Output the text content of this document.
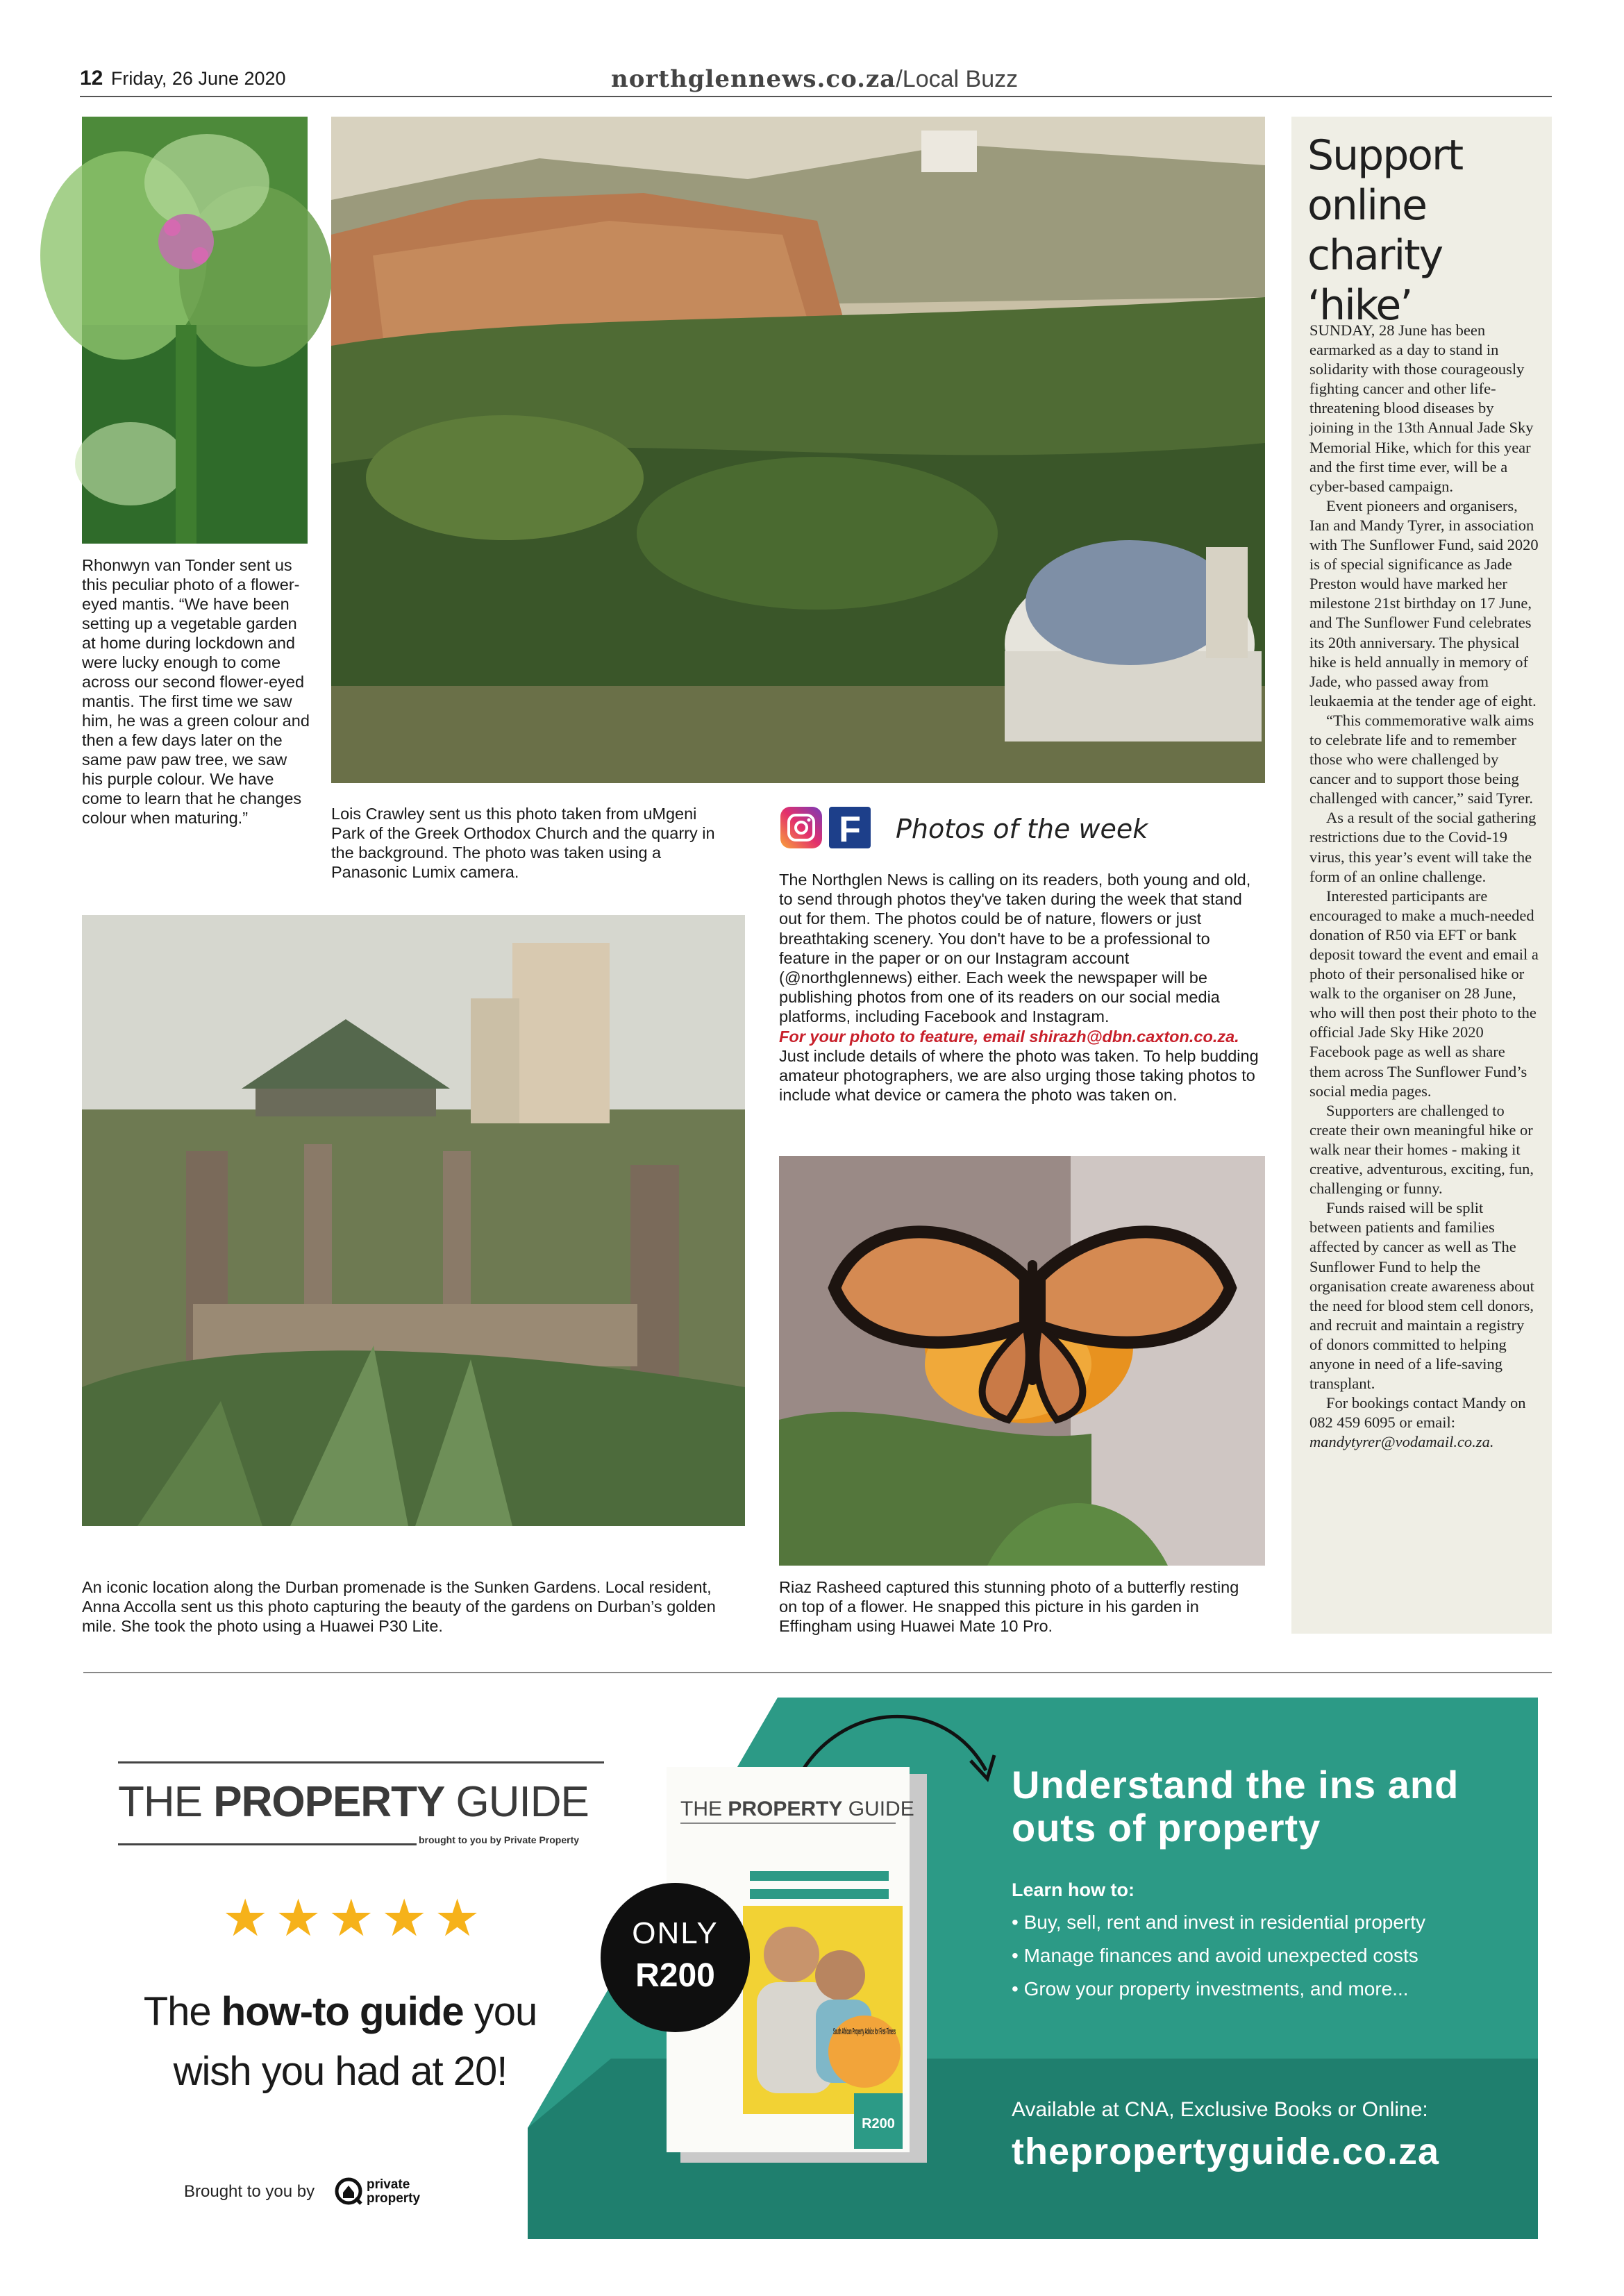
12 Friday, 26 June 2020	northglennews.co.za/Local Buzz
Rhonwyn van Tonder sent us this peculiar photo of a flower-eyed mantis. “We have been setting up a vegetable garden at home during lockdown and were lucky enough to come across our second flower-eyed mantis. The first time we saw him, he was a green colour and then a few days later on the same paw paw tree, we saw his purple colour. We have come to learn that he changes colour when maturing.”	Lois Crawley sent us this photo taken from uMgeni Park of the Greek Orthodox Church and the quarry in the background. The photo was taken using a Panasonic Lumix camera.
F Photos of the week

The Northglen News is calling on its readers, both young and old, to send through photos they've taken during the week that stand out for them. The photos could be of nature, flowers or just breathtaking scenery. You don't have to be a professional to feature in the paper or on our Instagram account (@northglennews) either. Each week the newspaper will be publishing photos from one of its readers on our social media platforms, including Facebook and Instagram.

For your photo to feature, email shirazh@dbn.caxton.co.za. Just include details of where the photo was taken. To help budding amateur photographers, we are also urging those taking photos to include what device or camera the photo was taken on.

An iconic location along the Durban promenade is the Sunken Gardens. Local resident, Anna Accolla sent us this photo capturing the beauty of the gardens on Durban’s golden mile. She took the photo using a Huawei P30 Lite.
Riaz Rasheed captured this stunning photo of a butterfly resting on top of a flower. He snapped this picture in his garden in Effingham using Huawei Mate 10 Pro.
Support online charity ‘hike’

SUNDAY, 28 June has been earmarked as a day to stand in solidarity with those courageously fighting cancer and other life-threatening blood diseases by joining in the 13th Annual Jade Sky Memorial Hike, which for this year and the first time ever, will be a cyber-based campaign.

Event pioneers and organisers, Ian and Mandy Tyrer, in association with The Sunflower Fund, said 2020 is of special significance as Jade Preston would have marked her milestone 21st birthday on 17 June, and The Sunflower Fund celebrates its 20th anniversary. The physical hike is held annually in memory of Jade, who passed away from leukaemia at the tender age of eight.

“This commemorative walk aims to celebrate life and to remember those who were challenged by cancer and to support those being challenged with cancer,” said Tyrer.

As a result of the social gathering restrictions due to the Covid-19 virus, this year’s event will take the form of an online challenge.

Interested participants are encouraged to make a much-needed donation of R50 via EFT or bank deposit toward the event and email a photo of their personalised hike or walk to the organiser on 28 June, who will then post their photo to the official Jade Sky Hike 2020 Facebook page as well as share them across The Sunflower Fund’s social media pages.

Supporters are challenged to create their own meaningful hike or walk near their homes - making it creative, adventurous, exciting, fun, challenging or funny.

Funds raised will be split between patients and families affected by cancer as well as The Sunflower Fund to help the organisation create awareness about the need for blood stem cell donors, and recruit and maintain a registry of donors committed to helping anyone in need of a life-saving transplant.

For bookings contact Mandy on 082 459 6095 or email: mandytyrer@vodamail.co.za.

THE PROPERTY GUIDE
brought to you by Private Property
★★★★★
The how-to guide you
wish you had at 20!
Brought to you by	private
property
THE PROPERTY GUIDE
South African Property Advice for First-Timers
R200
ONLY
R200
Understand the ins and outs of property
Learn how to:
• Buy, sell, rent and invest in residential property
• Manage finances and avoid unexpected costs
• Grow your property investments, and more...
Available at CNA, Exclusive Books or Online:
thepropertyguide.co.za
